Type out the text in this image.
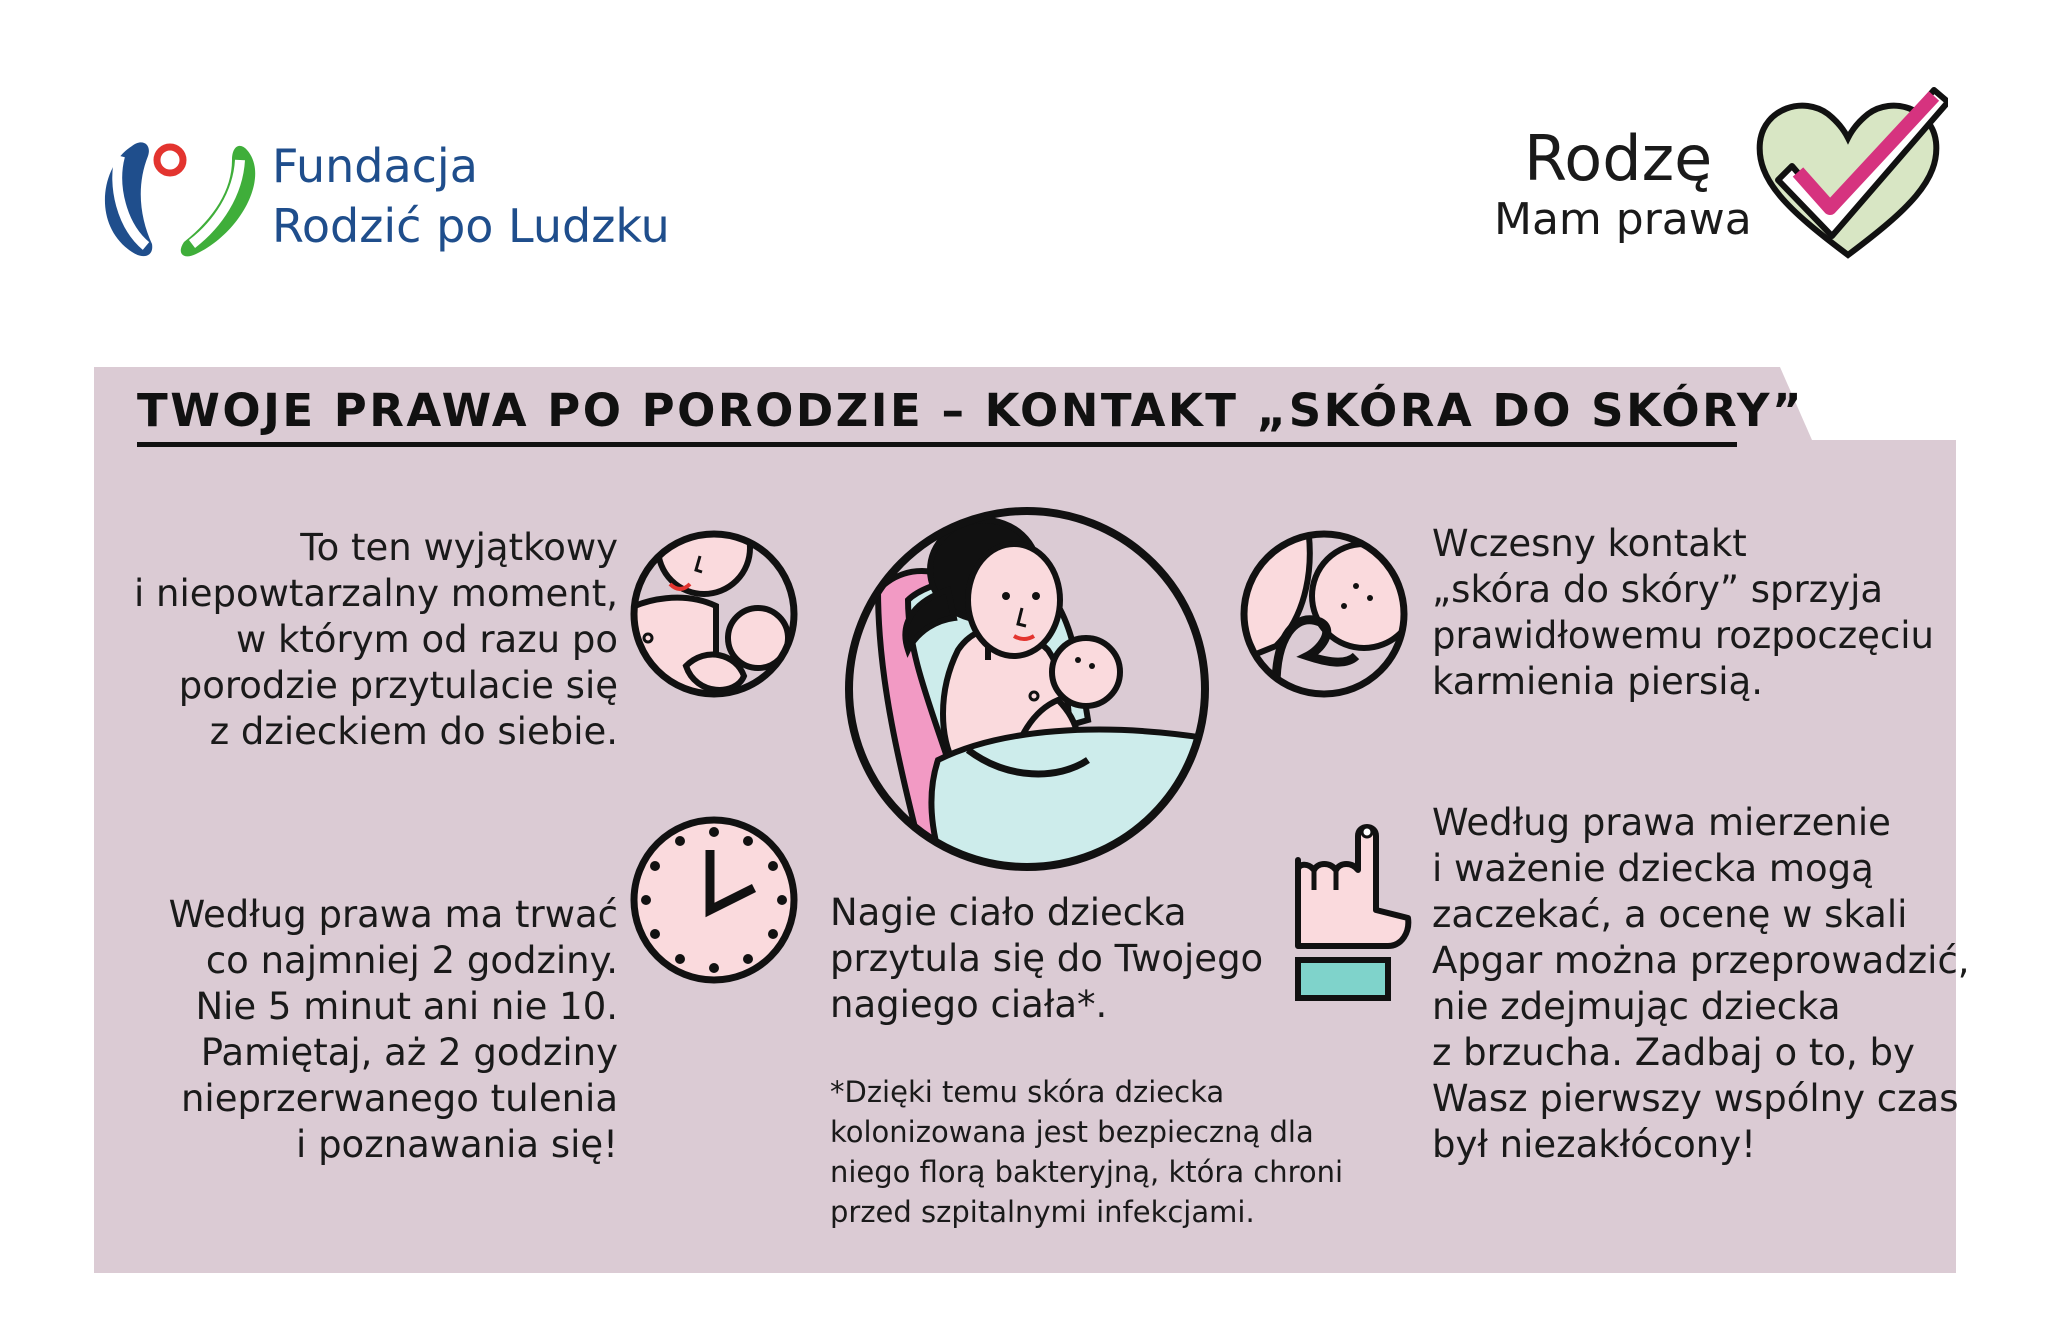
Fundacja
Rodzić po Ludzku
Rodzę
Mam prawa
TWOJE PRAWA PO PORODZIE – KONTAKT „SKÓRA DO SKÓRY”
To ten wyjątkowy
i niepowtarzalny moment,
w którym od razu po
porodzie przytulacie się
z dzieckiem do siebie.
Według prawa ma trwać
co najmniej 2 godziny.
Nie 5 minut ani nie 10.
Pamiętaj, aż 2 godziny
nieprzerwanego tulenia
i poznawania się!
Nagie ciało dziecka
przytula się do Twojego
nagiego ciała*.
*Dzięki temu skóra dziecka
kolonizowana jest bezpieczną dla
niego florą bakteryjną, która chroni
przed szpitalnymi infekcjami.
Wczesny kontakt
„skóra do skóry” sprzyja
prawidłowemu rozpoczęciu
karmienia piersią.
Według prawa mierzenie
i ważenie dziecka mogą
zaczekać, a ocenę w skali
Apgar można przeprowadzić,
nie zdejmując dziecka
z brzucha. Zadbaj o to, by
Wasz pierwszy wspólny czas
był niezakłócony!
